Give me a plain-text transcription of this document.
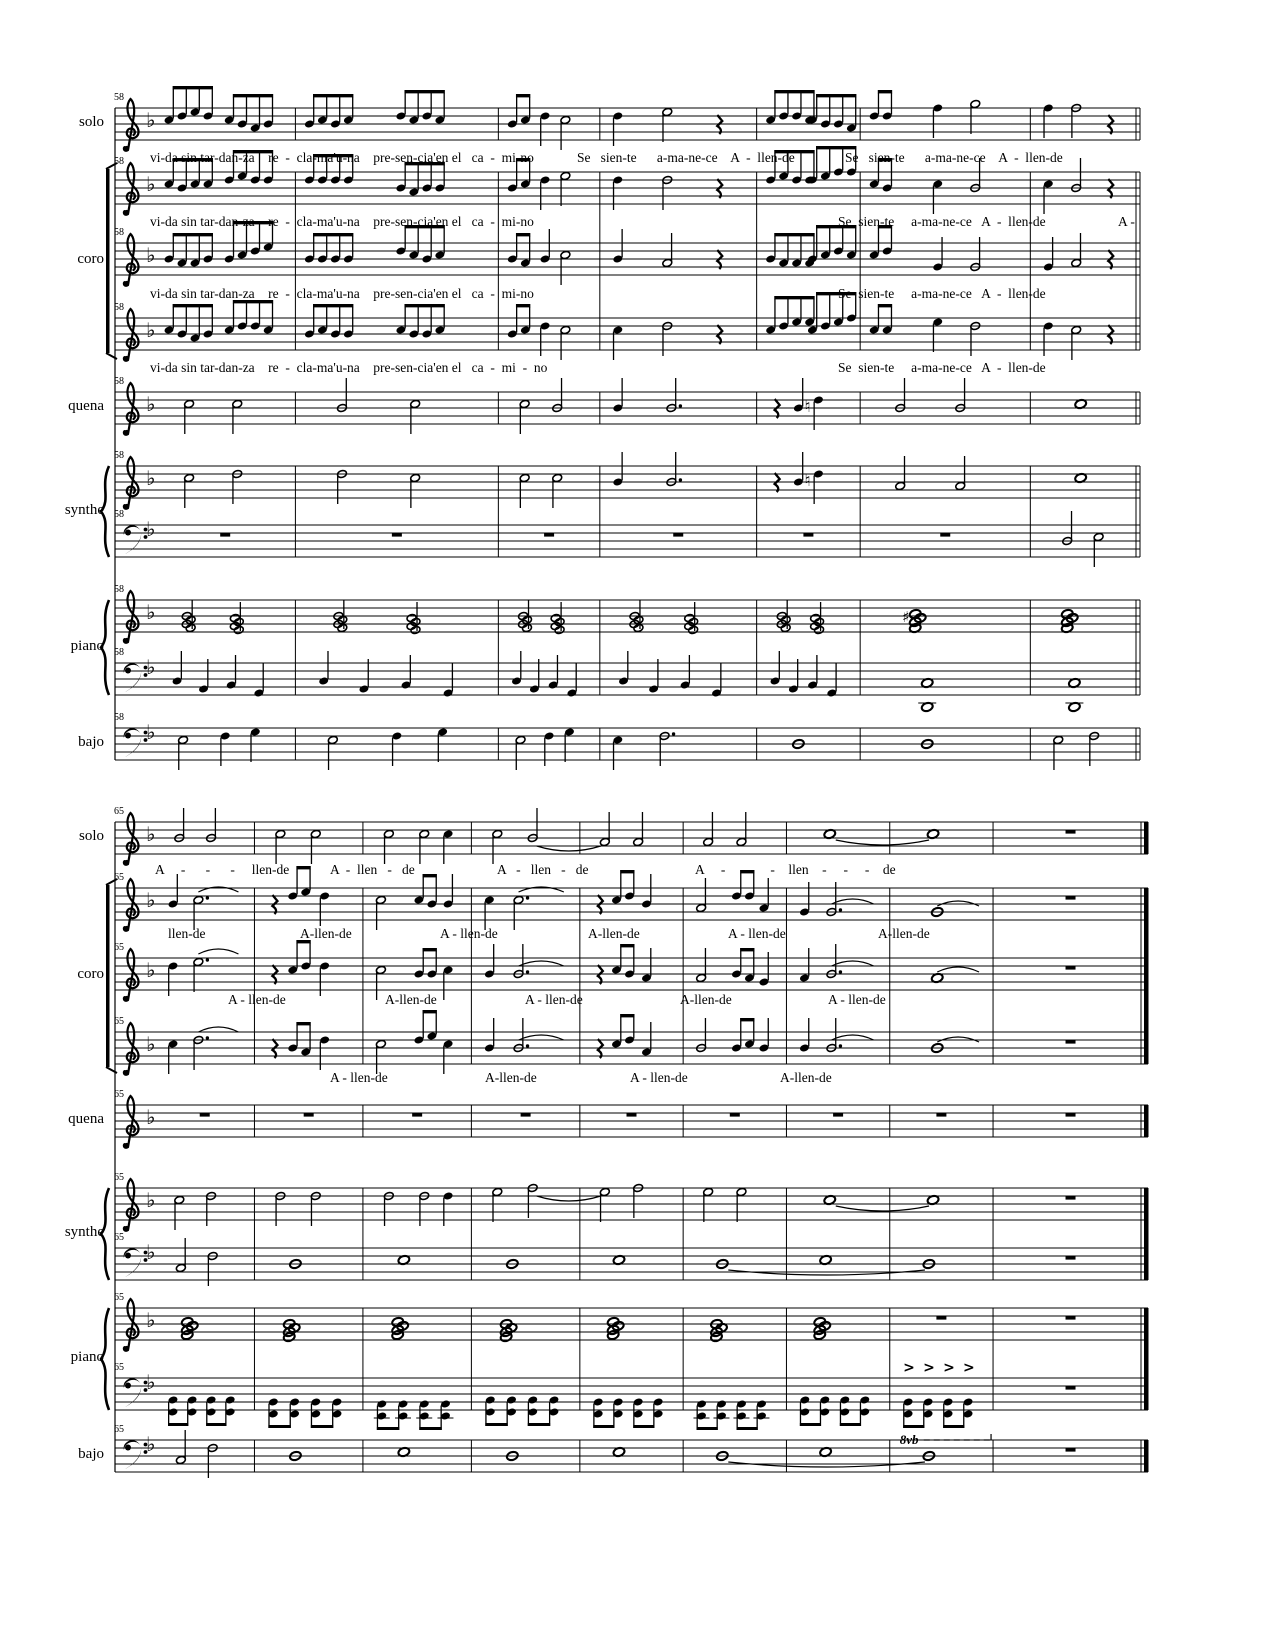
♭
♭
♭
♭
♭	♮
♭	♮
♭
♭	♯
♭
♭
♭
♭
♭
♭
♭
♭
♭
♭
♭
> > > >
8vb
♭
solo
58
vi-da sin tar-dan-za    re  -  cla-ma'u-na    pre-sen-cia'en el   ca  -  mi-no	Se   sien-te      a-ma-ne-ce    A  -  llen-de	Se   sien-te      a-ma-ne-ce    A  -  llen-de
coro
58
vi-da sin tar-dan-za    re  -  cla-ma'u-na    pre-sen-cia'en el   ca  -  mi-no	Se  sien-te     a-ma-ne-ce   A  -  llen-de	A -
58
vi-da sin tar-dan-za    re  -  cla-ma'u-na    pre-sen-cia'en el   ca  -  mi-no	Se  sien-te     a-ma-ne-ce   A  -  llen-de
58
vi-da sin tar-dan-za    re  -  cla-ma'u-na    pre-sen-cia'en el   ca  -  mi  -  no	Se  sien-te     a-ma-ne-ce   A  -  llen-de
quena
58
synthe
58
58
piano
58
58
bajo
58
solo
65
A     -      -      -     llen-de	A  -  llen   -   de	A   -   llen   -   de	A     -      -      -    llen    -     -     -    de
coro
65
llen-de	A-llen-de	A - llen-de	A-llen-de	A - llen-de	A-llen-de
65
A - llen-de	A-llen-de	A - llen-de	A-llen-de	A - llen-de
65
A - llen-de	A-llen-de	A - llen-de	A-llen-de
quena
65
synthe
65
65
piano
65
65
bajo
65
